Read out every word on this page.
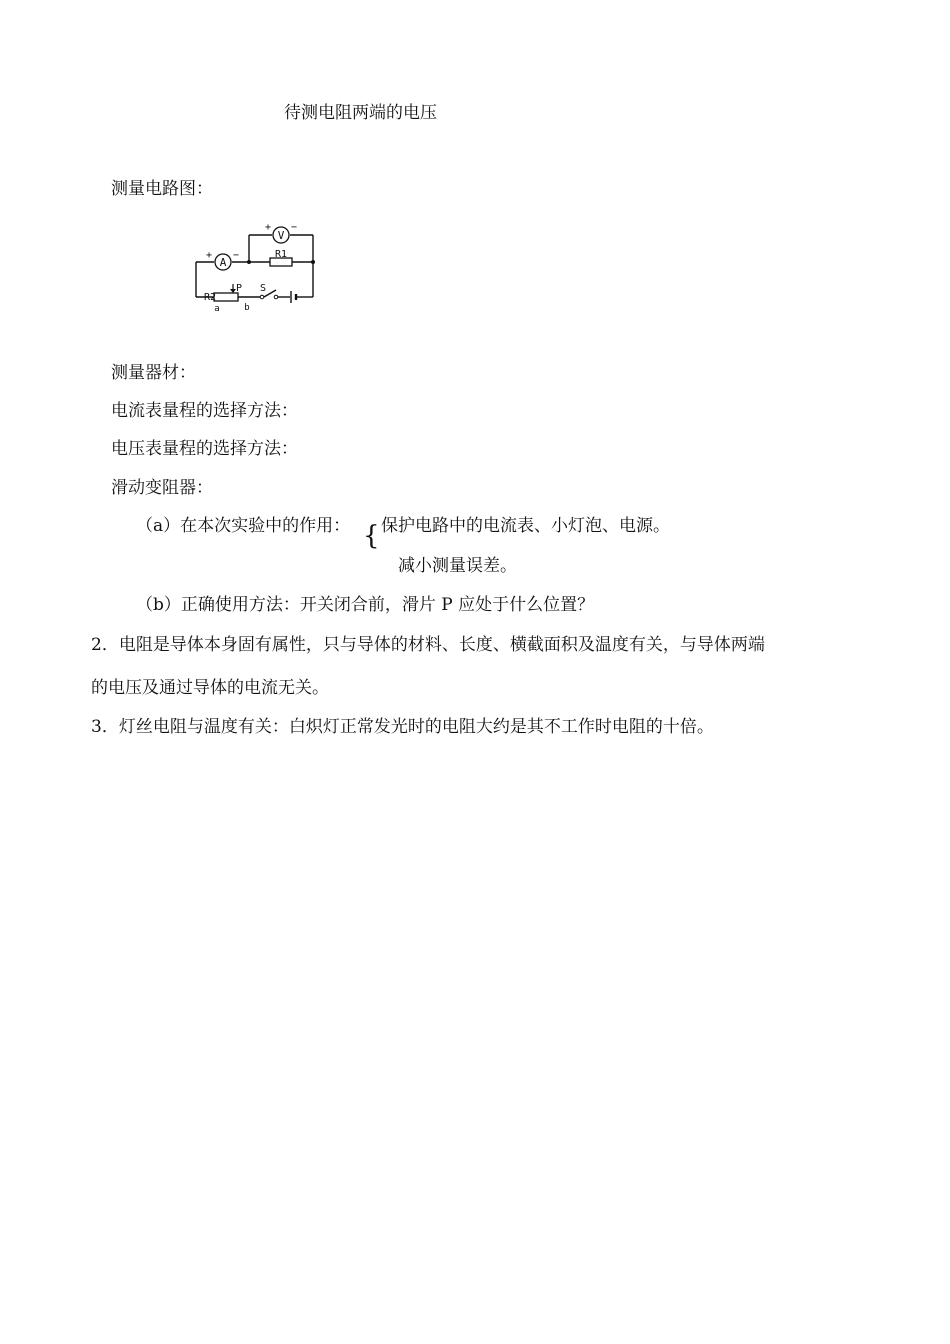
待测电阻两端的电压
测量电路图：
V
+ −
A
+ −	R1
R2
P S
a	b
测量器材：
电流表量程的选择方法：
电压表量程的选择方法：
滑动变阻器：
（a）在本次实验中的作用： { 保护电路中的电流表、小灯泡、电源。
减小测量误差。
（b）正确使用方法：开关闭合前，滑片 P 应处于什么位置？
2．电阻是导体本身固有属性，只与导体的材料、长度、横截面积及温度有关，与导体两端
的电压及通过导体的电流无关。
3．灯丝电阻与温度有关：白炽灯正常发光时的电阻大约是其不工作时电阻的十倍。
